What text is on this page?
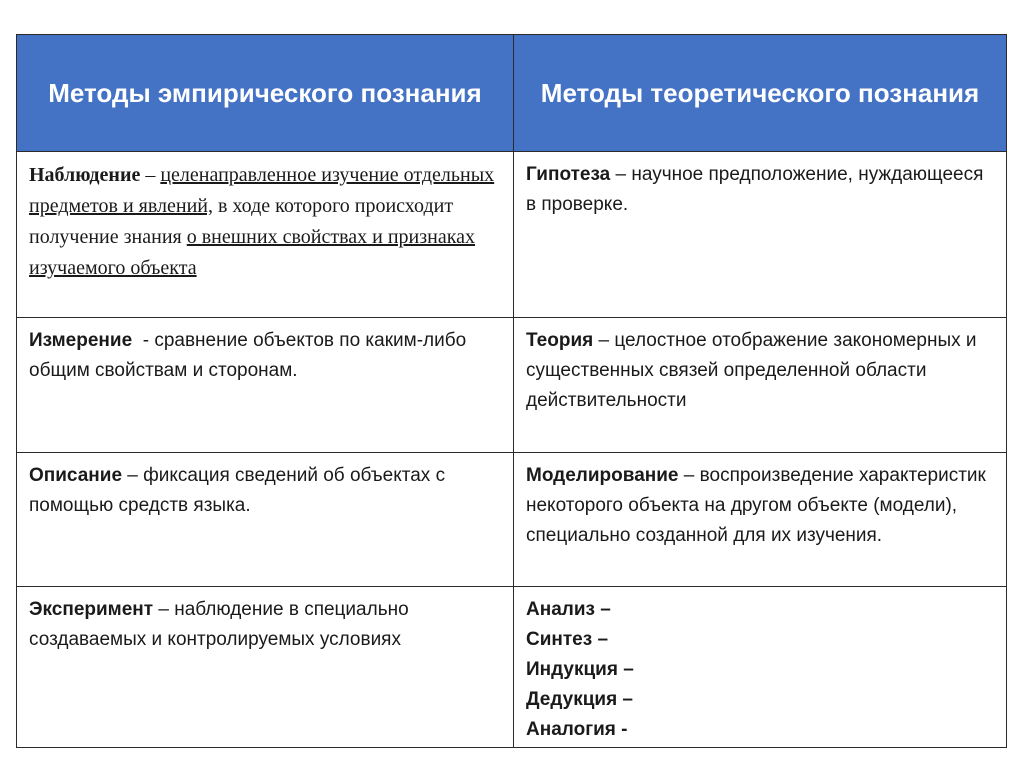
Методы эмпирического познания	Методы теоретического познания
Наблюдение – целенаправленное изучение отдельных предметов и явлений, в ходе которого происходит получение знания о внешних свойствах и признаках изучаемого объекта	Гипотеза – научное предположение, нуждающееся в проверке.
Измерение  - сравнение объектов по каким-либо общим свойствам и сторонам.	Теория – целостное отображение закономерных и существенных связей определенной области действительности
Описание – фиксация сведений об объектах с помощью средств языка.	Моделирование – воспроизведение характеристик некоторого объекта на другом объекте (модели), специально созданной для их изучения.
Эксперимент – наблюдение в специально создаваемых и контролируемых условиях	Анализ –
Синтез –
Индукция –
Дедукция –
Аналогия -
